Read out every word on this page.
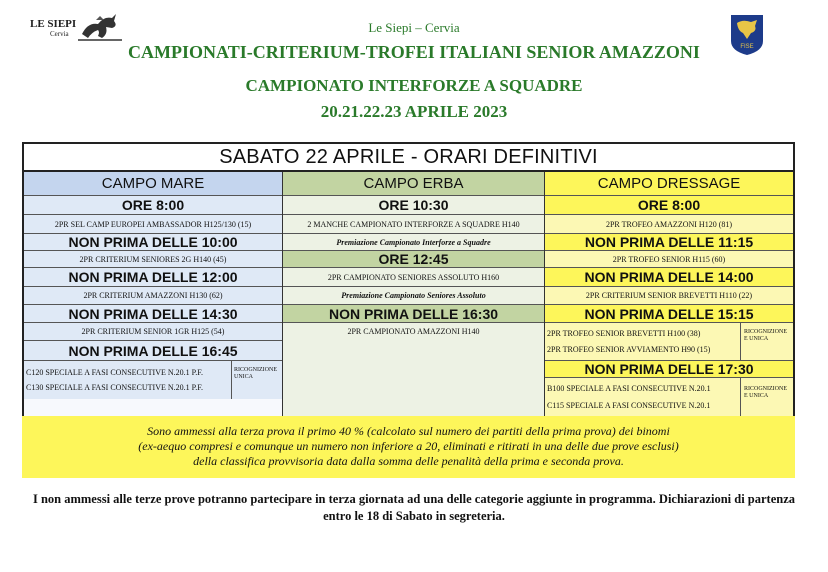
LE SIEPI
Cervia
FISE
Le Siepi – Cervia
CAMPIONATI-CRITERIUM-TROFEI ITALIANI SENIOR AMAZZONI
CAMPIONATO INTERFORZE A SQUADRE
20.21.22.23 APRILE 2023
SABATO 22 APRILE - ORARI DEFINITIVI
CAMPO MARE
ORE 8:00
2PR SEL CAMP EUROPEI AMBASSADOR H125/130 (15)
NON PRIMA DELLE 10:00
2PR CRITERIUM SENIORES 2G H140 (45)
NON PRIMA DELLE 12:00
2PR CRITERIUM AMAZZONI H130 (62)
NON PRIMA DELLE 14:30
2PR CRITERIUM SENIOR 1GR H125 (54)
NON PRIMA DELLE 16:45
C120 SPECIALE A FASI CONSECUTIVE N.20.1 P.F.
C130 SPECIALE A FASI CONSECUTIVE N.20.1 P.F.
RICOGNIZIONE UNICA
CAMPO ERBA
ORE 10:30
2 MANCHE CAMPIONATO INTERFORZE A SQUADRE H140
Premiazione Campionato Interforze a Squadre
ORE 12:45
2PR CAMPIONATO SENIORES ASSOLUTO H160
Premiazione Campionato Seniores Assoluto
NON PRIMA DELLE 16:30
2PR CAMPIONATO AMAZZONI H140
CAMPO DRESSAGE
ORE 8:00
2PR TROFEO AMAZZONI H120 (81)
NON PRIMA DELLE 11:15
2PR TROFEO SENIOR H115 (60)
NON PRIMA DELLE 14:00
2PR CRITERIUM SENIOR BREVETTI H110 (22)
NON PRIMA DELLE 15:15
2PR TROFEO SENIOR BREVETTI H100 (38)
2PR TROFEO SENIOR AVVIAMENTO H90 (15)
RICOGNIZIONE E UNICA
NON PRIMA DELLE 17:30
B100 SPECIALE A FASI CONSECUTIVE N.20.1
C115 SPECIALE A FASI CONSECUTIVE N.20.1
RICOGNIZIONE E UNICA
Sono ammessi alla terza prova il primo 40 % (calcolato sul numero dei partiti della prima prova) dei binomi
(ex-aequo compresi e comunque un numero non inferiore a 20, eliminati e ritirati in una delle due prove esclusi)
della classifica provvisoria data dalla somma delle penalità della prima e seconda prova.
I non ammessi alle terze prove potranno partecipare in terza giornata ad una delle categorie aggiunte in programma. Dichiarazioni di partenza entro le 18 di Sabato in segreteria.
